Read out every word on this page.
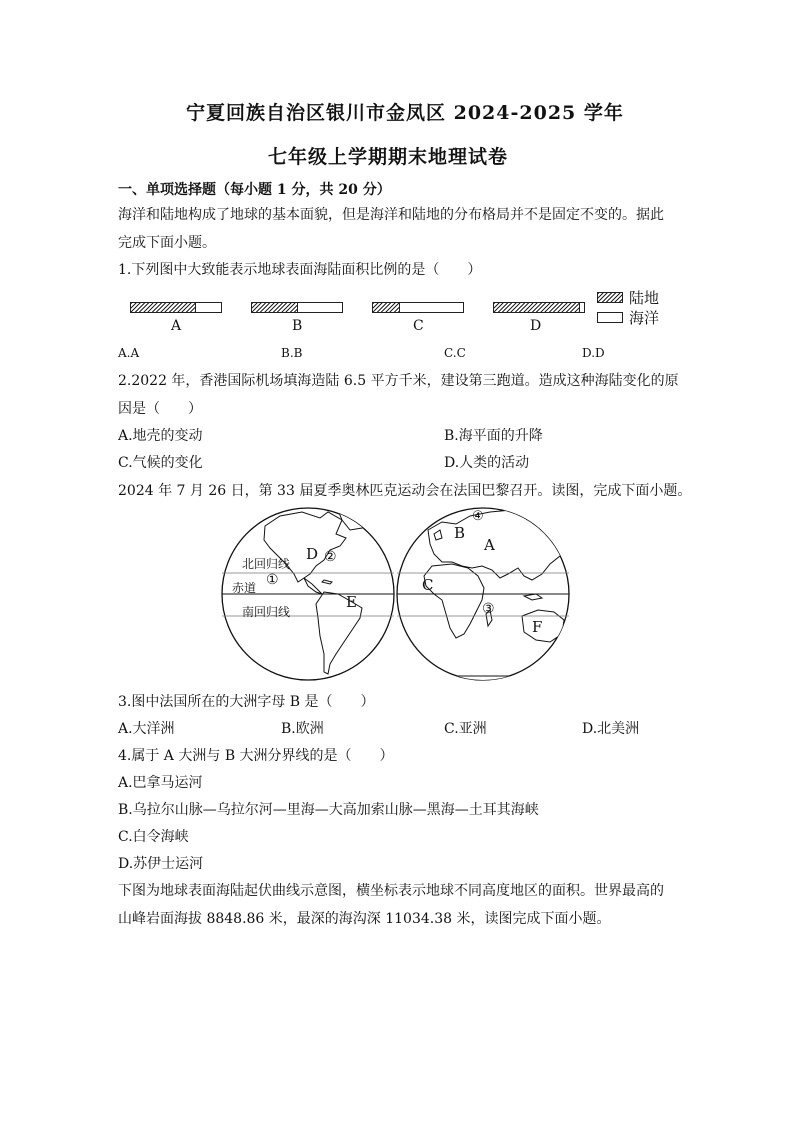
宁夏回族自治区银川市金凤区 2024-2025 学年
七年级上学期期末地理试卷
一、单项选择题（每小题 1 分，共 20 分）
海洋和陆地构成了地球的基本面貌，但是海洋和陆地的分布格局并不是固定不变的。据此
完成下面小题。
1.下列图中大致能表示地球表面海陆面积比例的是（　　）
A	B	C	D
陆地
海洋
A.A	B.B	C.C	D.D
2.2022 年，香港国际机场填海造陆 6.5 平方千米，建设第三跑道。造成这种海陆变化的原
因是（　　）
A.地壳的变动	B.海平面的升降
C.气候的变化	D.人类的活动
2024 年 7 月 26 日，第 33 届夏季奥林匹克运动会在法国巴黎召开。读图，完成下面小题。
北回归线
赤道
南回归线
D
E
②
①
B
A
④
C
③
F
3.图中法国所在的大洲字母 B 是（　　）
A.大洋洲	B.欧洲	C.亚洲	D.北美洲
4.属于 A 大洲与 B 大洲分界线的是（　　）
A.巴拿马运河
B.乌拉尔山脉—乌拉尔河—里海—大高加索山脉—黑海—土耳其海峡
C.白令海峡
D.苏伊士运河
下图为地球表面海陆起伏曲线示意图，横坐标表示地球不同高度地区的面积。世界最高的
山峰岩面海拔 8848.86 米，最深的海沟深 11034.38 米，读图完成下面小题。
